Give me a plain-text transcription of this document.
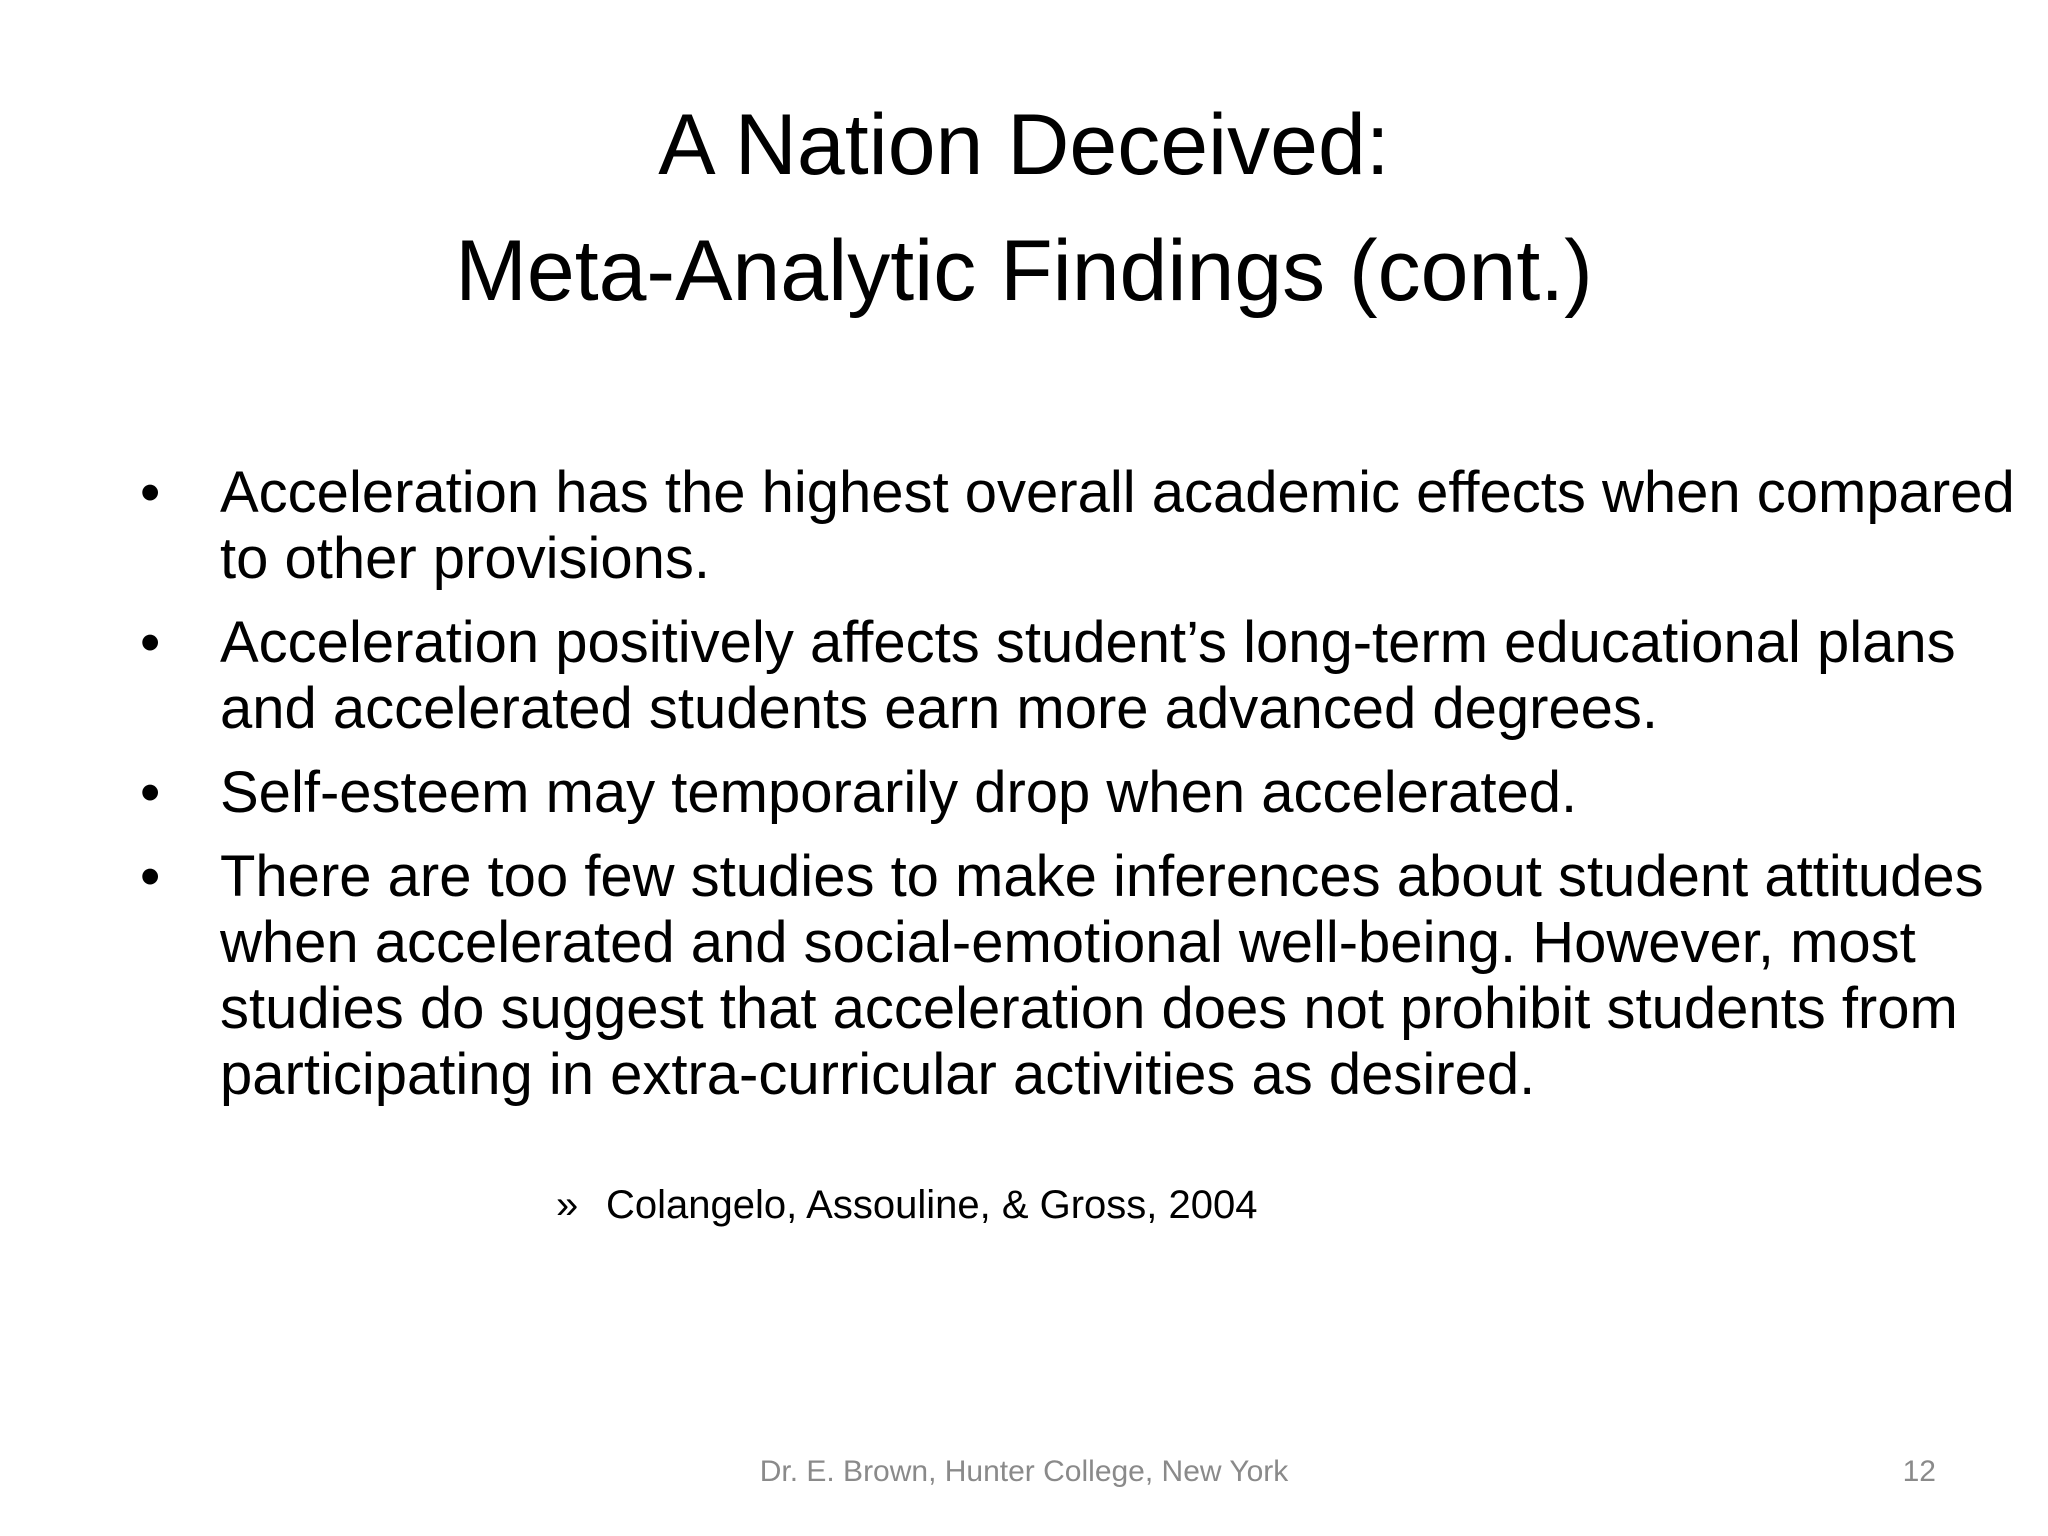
A Nation Deceived:
Meta-Analytic Findings (cont.)
•	Acceleration has the highest overall academic effects when compared to other provisions.
•	Acceleration positively affects student’s long-term educational plans and accelerated students earn more advanced degrees.
•	Self-esteem may temporarily drop when accelerated.
•	There are too few studies to make inferences about student attitudes when accelerated and social-emotional well-being. However, most studies do suggest that acceleration does not prohibit students from participating in extra-curricular activities as desired.
» Colangelo, Assouline, & Gross, 2004
Dr. E. Brown, Hunter College, New York	12
